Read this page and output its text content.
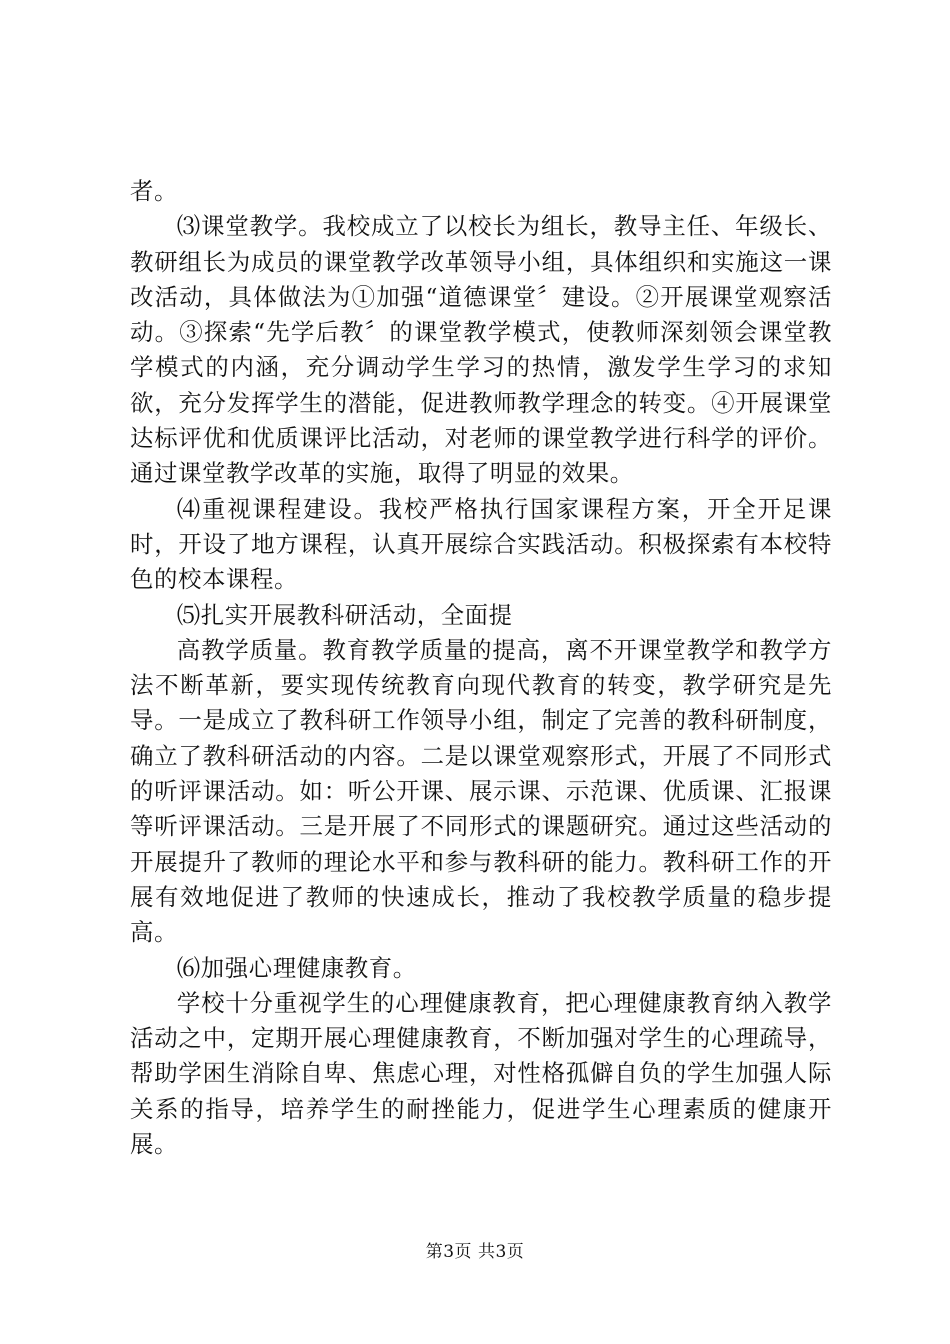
者。

⑶课堂教学。我校成立了以校长为组长，教导主任、年级长、教研组长为成员的课堂教学改革领导小组，具体组织和实施这一课改活动，具体做法为①加强“道德课堂〞建设。②开展课堂观察活动。③探索“先学后教〞的课堂教学模式，使教师深刻领会课堂教学模式的内涵，充分调动学生学习的热情，激发学生学习的求知欲，充分发挥学生的潜能，促进教师教学理念的转变。④开展课堂达标评优和优质课评比活动，对老师的课堂教学进行科学的评价。通过课堂教学改革的实施，取得了明显的效果。

⑷重视课程建设。我校严格执行国家课程方案，开全开足课时，开设了地方课程，认真开展综合实践活动。积极探索有本校特色的校本课程。

⑸扎实开展教科研活动，全面提

高教学质量。教育教学质量的提高，离不开课堂教学和教学方法不断革新，要实现传统教育向现代教育的转变，教学研究是先导。一是成立了教科研工作领导小组，制定了完善的教科研制度，确立了教科研活动的内容。二是以课堂观察形式，开展了不同形式的听评课活动。如：听公开课、展示课、示范课、优质课、汇报课等听评课活动。三是开展了不同形式的课题研究。通过这些活动的开展提升了教师的理论水平和参与教科研的能力。教科研工作的开展有效地促进了教师的快速成长，推动了我校教学质量的稳步提高。

⑹加强心理健康教育。

学校十分重视学生的心理健康教育，把心理健康教育纳入教学活动之中，定期开展心理健康教育，不断加强对学生的心理疏导，帮助学困生消除自卑、焦虑心理，对性格孤僻自负的学生加强人际关系的指导，培养学生的耐挫能力，促进学生心理素质的健康开展。

第3页 共3页
